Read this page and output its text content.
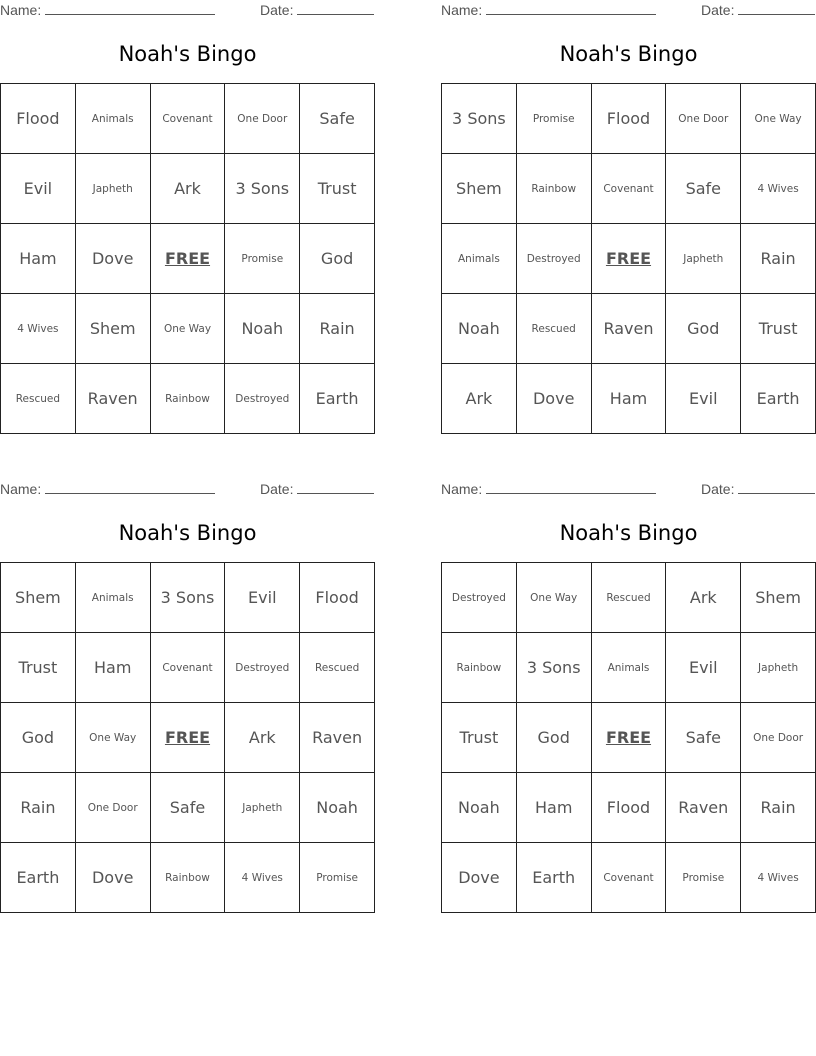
Name:	Date:
Noah's Bingo
Flood	Animals	Covenant	One Door	Safe
Evil	Japheth	Ark	3 Sons	Trust
Ham	Dove	FREE	Promise	God
4 Wives	Shem	One Way	Noah	Rain
Rescued	Raven	Rainbow	Destroyed	Earth
Name:	Date:
Noah's Bingo
3 Sons	Promise	Flood	One Door	One Way
Shem	Rainbow	Covenant	Safe	4 Wives
Animals	Destroyed	FREE	Japheth	Rain
Noah	Rescued	Raven	God	Trust
Ark	Dove	Ham	Evil	Earth
Name:	Date:
Noah's Bingo
Shem	Animals	3 Sons	Evil	Flood
Trust	Ham	Covenant	Destroyed	Rescued
God	One Way	FREE	Ark	Raven
Rain	One Door	Safe	Japheth	Noah
Earth	Dove	Rainbow	4 Wives	Promise
Name:	Date:
Noah's Bingo
Destroyed	One Way	Rescued	Ark	Shem
Rainbow	3 Sons	Animals	Evil	Japheth
Trust	God	FREE	Safe	One Door
Noah	Ham	Flood	Raven	Rain
Dove	Earth	Covenant	Promise	4 Wives
